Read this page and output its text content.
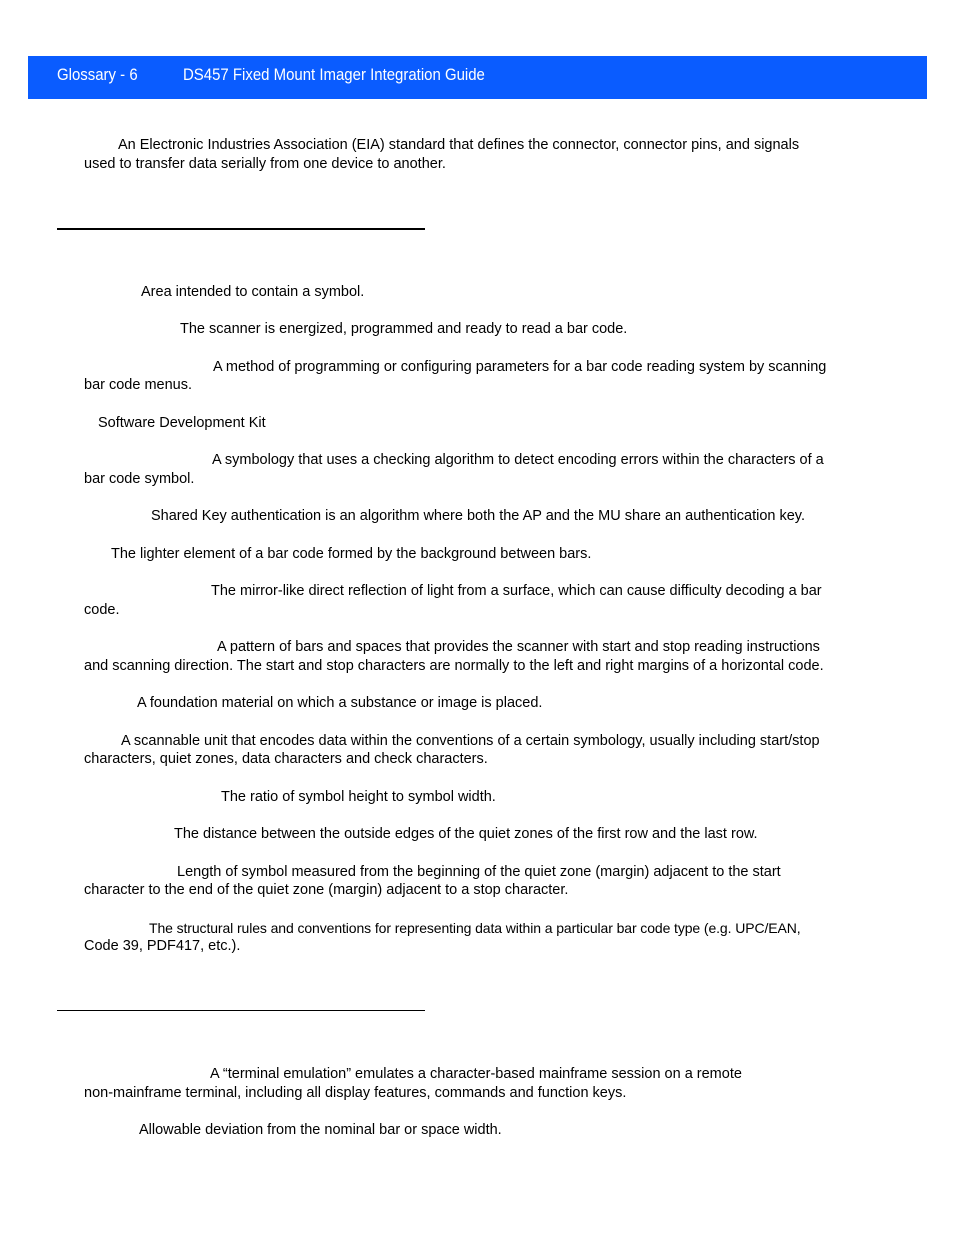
Glossary - 6	DS457 Fixed Mount Imager Integration Guide

An Electronic Industries Association (EIA) standard that defines the connector, connector pins, and signals

used to transfer data serially from one device to another.

Area intended to contain a symbol.

The scanner is energized, programmed and ready to read a bar code.

A method of programming or configuring parameters for a bar code reading system by scanning

bar code menus.

Software Development Kit

A symbology that uses a checking algorithm to detect encoding errors within the characters of a

bar code symbol.

Shared Key authentication is an algorithm where both the AP and the MU share an authentication key.

The lighter element of a bar code formed by the background between bars.

The mirror-like direct reflection of light from a surface, which can cause difficulty decoding a bar

code.

A pattern of bars and spaces that provides the scanner with start and stop reading instructions

and scanning direction. The start and stop characters are normally to the left and right margins of a horizontal code.

A foundation material on which a substance or image is placed.

A scannable unit that encodes data within the conventions of a certain symbology, usually including start/stop

characters, quiet zones, data characters and check characters.

The ratio of symbol height to symbol width.

The distance between the outside edges of the quiet zones of the first row and the last row.

Length of symbol measured from the beginning of the quiet zone (margin) adjacent to the start

character to the end of the quiet zone (margin) adjacent to a stop character.

The structural rules and conventions for representing data within a particular bar code type (e.g. UPC/EAN,

Code 39, PDF417, etc.).

A “terminal emulation” emulates a character-based mainframe session on a remote

non-mainframe terminal, including all display features, commands and function keys.

Allowable deviation from the nominal bar or space width.
